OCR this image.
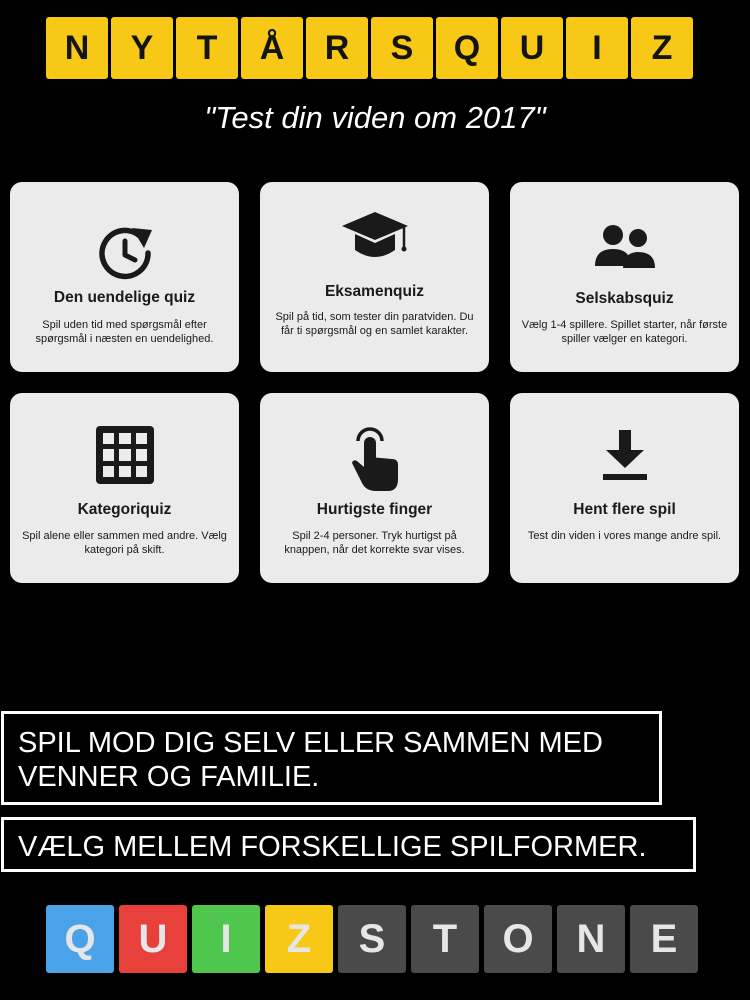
N	Y	T	Å	R	S	Q	U	I	Z
"Test din viden om 2017"
Den uendelige quiz
Spil uden tid med spørgsmål efter spørgsmål i næsten en uendelighed.
Eksamenquiz
Spil på tid, som tester din paratviden. Du får ti spørgsmål og en samlet karakter.
Selskabsquiz
Vælg 1-4 spillere. Spillet starter, når første spiller vælger en kategori.
Kategoriquiz
Spil alene eller sammen med andre. Vælg kategori på skift.
Hurtigste finger
Spil 2-4 personer. Tryk hurtigst på knappen, når det korrekte svar vises.
Hent flere spil
Test din viden i vores mange andre spil.
SPIL MOD DIG SELV ELLER SAMMEN MED
VENNER OG FAMILIE.
VÆLG MELLEM FORSKELLIGE SPILFORMER.
Q	U	I	Z	S	T	O	N	E
